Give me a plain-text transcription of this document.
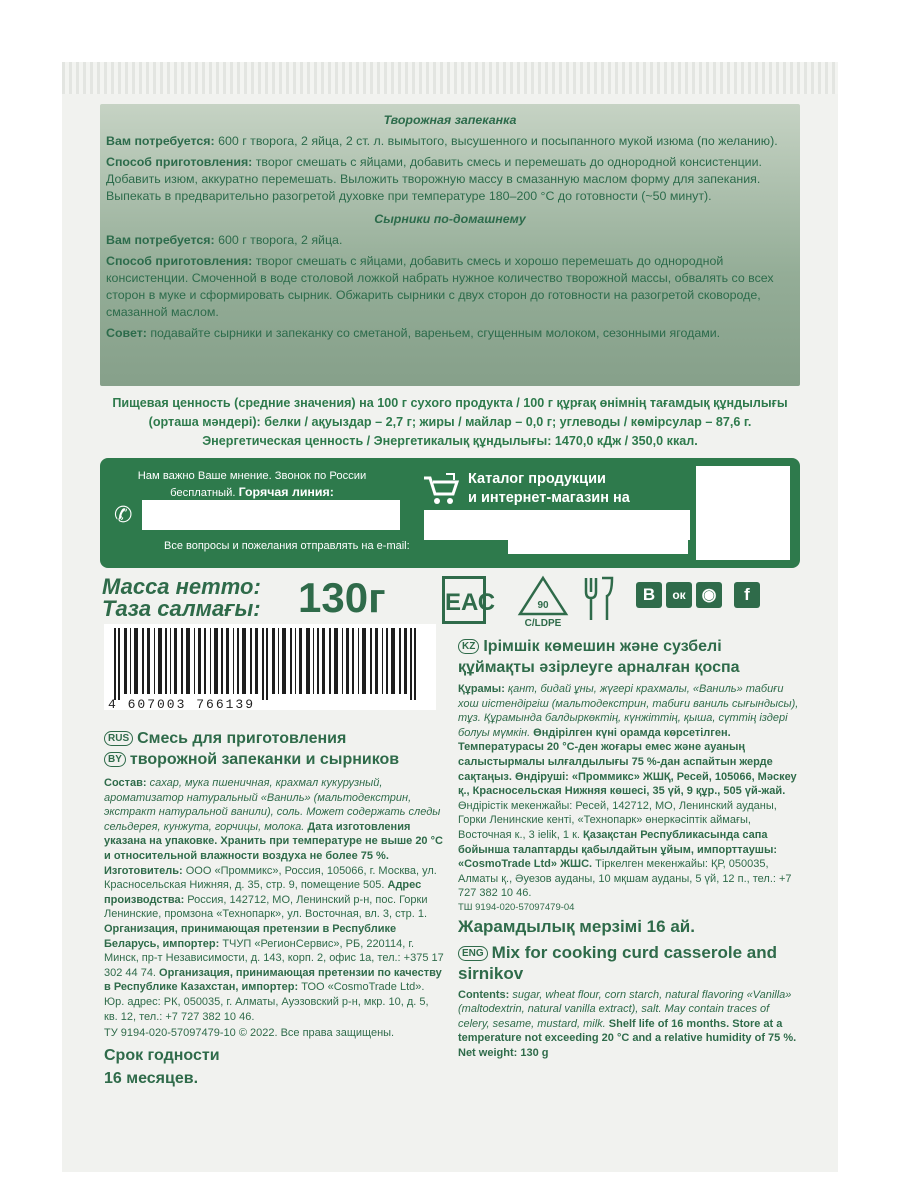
Творожная запеканка

Вам потребуется: 600 г творога, 2 яйца, 2 ст. л. вымытого, высушенного и посыпанного мукой изюма (по желанию).

Способ приготовления: творог смешать с яйцами, добавить смесь и перемешать до однородной консистенции. Добавить изюм, аккуратно перемешать. Выложить творожную массу в смазанную маслом форму для запекания. Выпекать в предварительно разогретой духовке при температуре 180–200 °С до готовности (~50 минут).

Сырники по-домашнему

Вам потребуется: 600 г творога, 2 яйца.

Способ приготовления: творог смешать с яйцами, добавить смесь и хорошо перемешать до однородной консистенции. Смоченной в воде столовой ложкой набрать нужное количество творожной массы, обвалять со всех сторон в муке и сформировать сырник. Обжарить сырники с двух сторон до готовности на разогретой сковороде, смазанной маслом.

Совет: подавайте сырники и запеканку со сметаной, вареньем, сгущенным молоком, сезонными ягодами.

Пищевая ценность (средние значения) на 100 г сухого продукта / 100 г құрғақ өнімнің тағамдық құндылығы
(орташа мәндері): белки / ақуыздар – 2,7 г; жиры / майлар – 0,0 г; углеводы / көмірсулар – 87,6 г.
Энергетическая ценность / Энергетикалық құндылығы: 1470,0 кДж / 350,0 ккал.
Нам важно Ваше мнение. Звонок по России бесплатный. Горячая линия:
✆
Каталог продукции
и интернет-магазин на
Все вопросы и пожелания отправлять на e-mail:
Масса нетто:
Таза салмағы: 130г ЕАС	90
C/LDPE
В	ок ◉	f
4 607003 766139
KZ Ірімшік көмешин және сузбелі құймақты әзірлеуге арналған қоспа
Құрамы: қант, бидай ұны, жүгері крахмалы, «Ваниль» табиғи хош иістендіргіш (мальтодекстрин, табиғи ваниль сығындысы), тұз. Құрамында балдыркөктің, күнжіттің, қыша, сүттің іздері болуы мүмкін. Өндірілген күні орамда көрсетілген. Температурасы 20 °С-ден жоғары емес және ауаның салыстырмалы ылғалдылығы 75 %-дан аспайтын жерде сақтаңыз. Өндіруші: «Проммикс» ЖШҚ, Ресей, 105066, Мәскеу қ., Красносельская Нижняя көшесі, 35 үй, 9 құр., 505 үй-жай. Өндірістік мекенжайы: Ресей, 142712, МО, Ленинский ауданы, Горки Ленинские кенті, «Технопарк» өнеркәсіптік аймағы, Восточная к., 3 ielik, 1 к. Қазақстан Республикасында сапа бойынша талаптарды қабылдайтын ұйым, импорттаушы: «CosmoTrade Ltd» ЖШС. Тіркелген мекенжайы: ҚР, 050035, Алматы қ., Әуезов ауданы, 10 мқшам ауданы, 5 үй, 12 п., тел.: +7 727 382 10 46.
ТШ 9194-020-57097479-04
Жарамдылық мерзімі 16 ай.
ENG Mix for cooking curd casserole and sirnikov
Contents: sugar, wheat flour, corn starch, natural flavoring «Vanilla» (maltodextrin, natural vanilla extract), salt. May contain traces of celery, sesame, mustard, milk. Shelf life of 16 months. Store at a temperature not exceeding 20 °C and a relative humidity of 75 %.
Net weight: 130 g
RUS Смесь для приготовления
BY творожной запеканки и сырников
Состав: сахар, мука пшеничная, крахмал кукурузный, ароматизатор натуральный «Ваниль» (мальтодекстрин, экстракт натуральной ванили), соль. Может содержать следы сельдерея, кунжута, горчицы, молока. Дата изготовления указана на упаковке. Хранить при температуре не выше 20 °С и относительной влажности воздуха не более 75 %. Изготовитель: ООО «Проммикс», Россия, 105066, г. Москва, ул. Красносельская Нижняя, д. 35, стр. 9, помещение 505. Адрес производства: Россия, 142712, МО, Ленинский р-н, пос. Горки Ленинские, промзона «Технопарк», ул. Восточная, вл. 3, стр. 1. Организация, принимающая претензии в Республике Беларусь, импортер: ТЧУП «РегионСервис», РБ, 220114, г. Минск, пр-т Независимости, д. 143, корп. 2, офис 1а, тел.: +375 17 302 44 74. Организация, принимающая претензии по качеству в Республике Казахстан, импортер: ТОО «CosmoTrade Ltd». Юр. адрес: РК, 050035, г. Алматы, Ауэзовский р-н, мкр. 10, д. 5, кв. 12, тел.: +7 727 382 10 46.
ТУ 9194-020-57097479-10 © 2022. Все права защищены.
Срок годности
16 месяцев.
